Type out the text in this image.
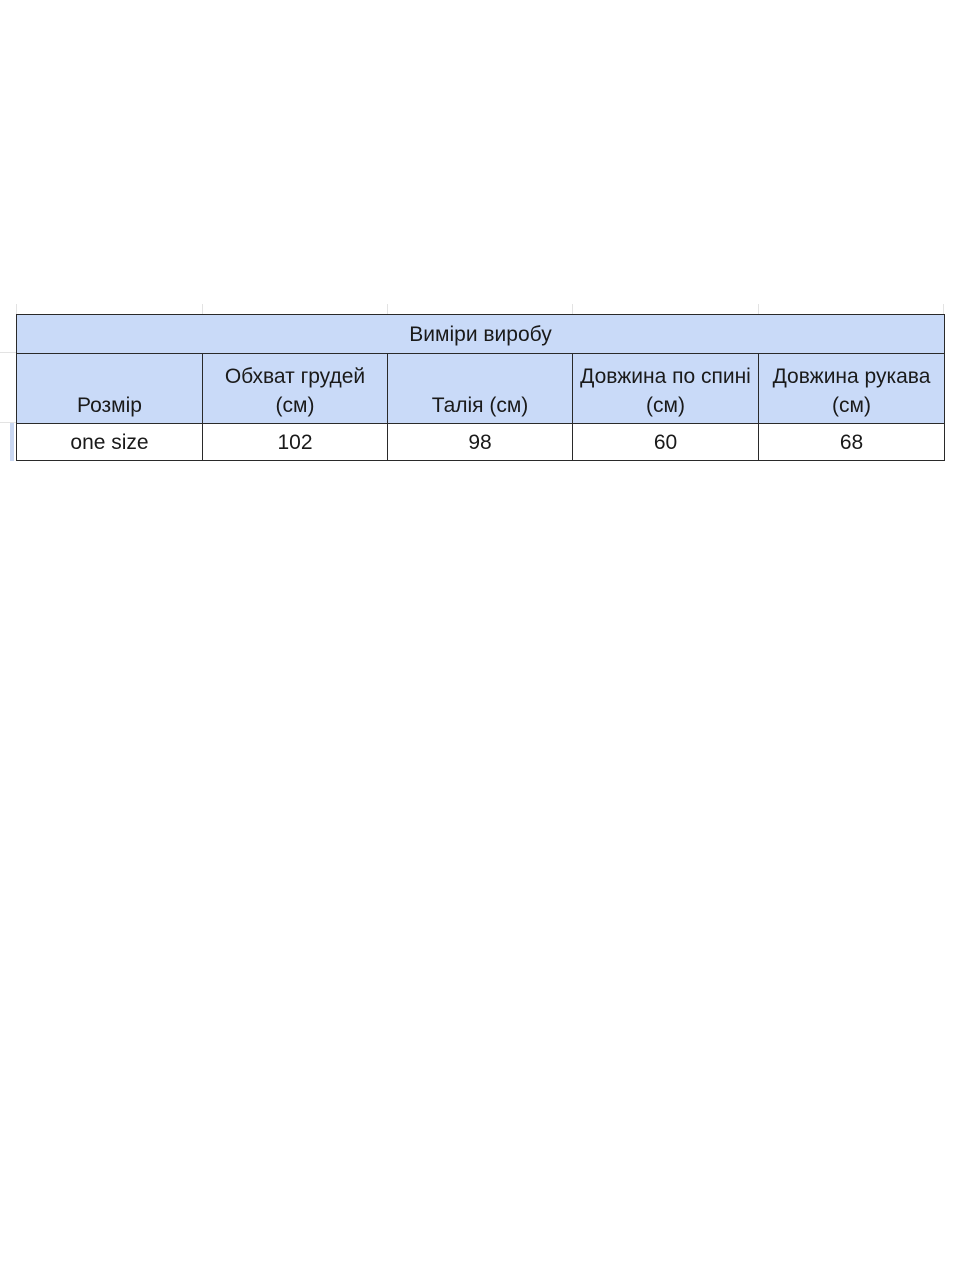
Виміри виробу				
Розмір	Обхват грудей (см)	Талія (см)	Довжина по спині (см)	Довжина рукава (см)
one size	102	98	60	68
